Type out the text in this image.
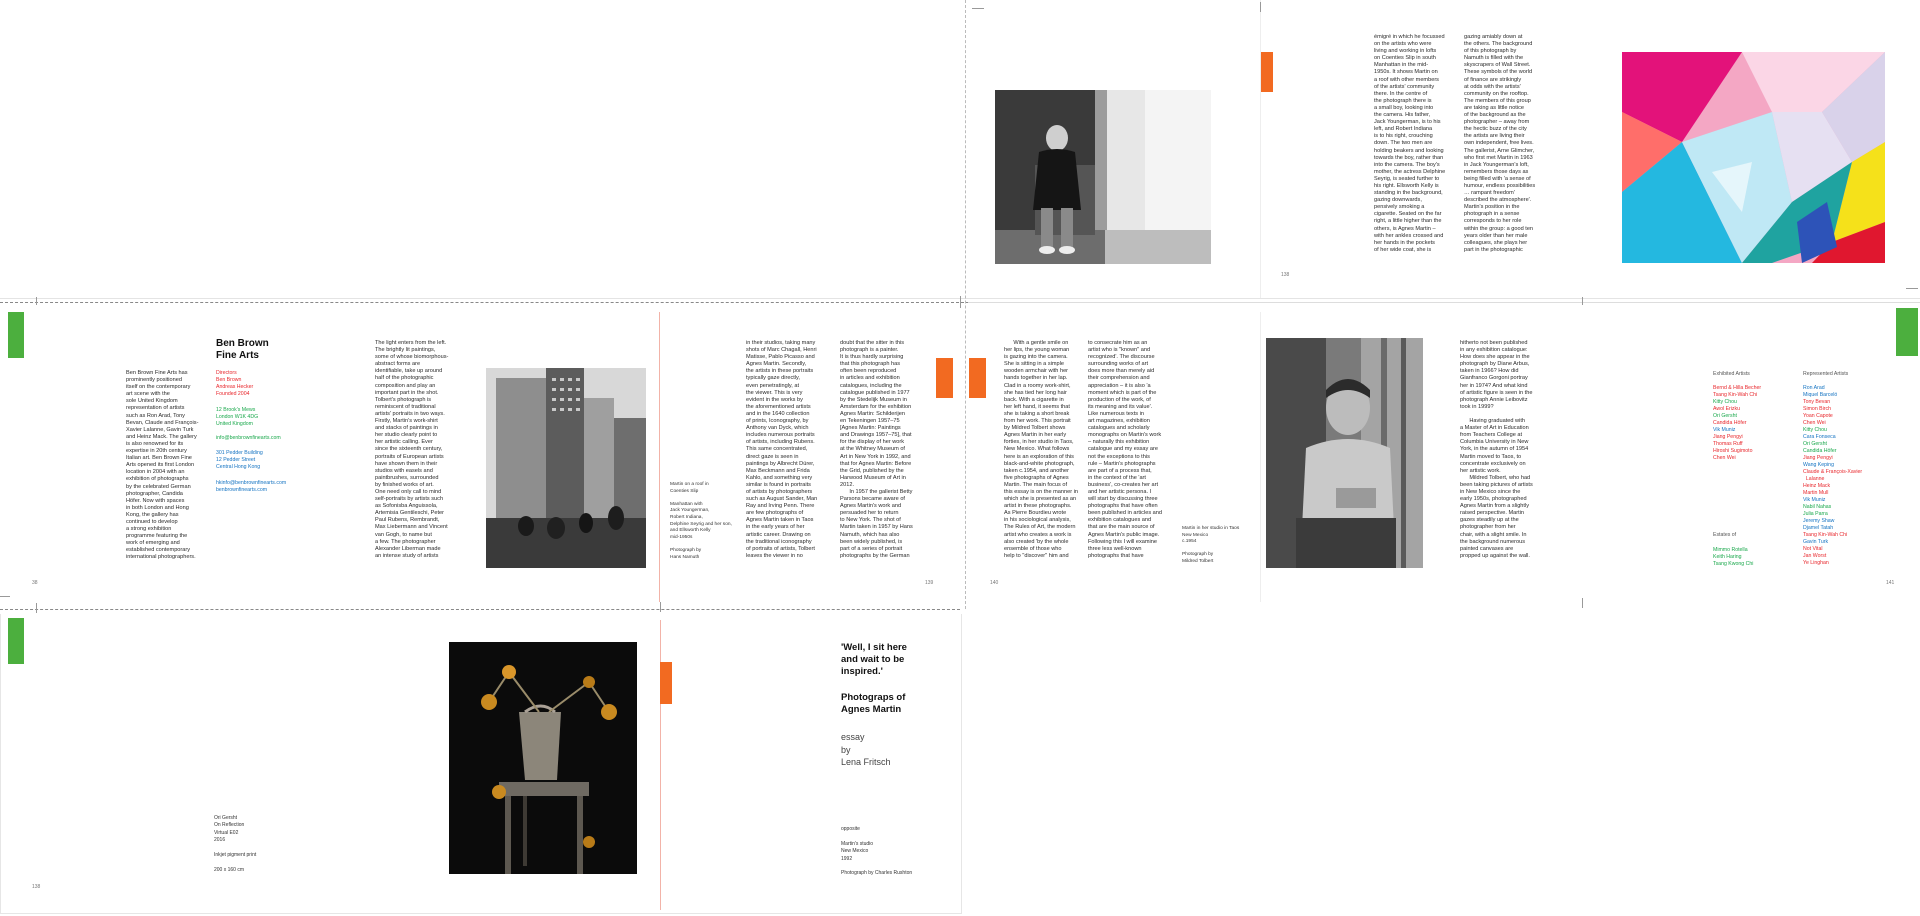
émigré in which he focussed
on the artists who were
living and working in lofts
on Coenties Slip in south
Manhattan in the mid-
1950s. It shows Martin on
a roof with other members
of the artists' community
there. In the centre of
the photograph there is
a small boy, looking into
the camera. His father,
Jack Youngerman, is to his
left, and Robert Indiana
is to his right, crouching
down. The two men are
holding beakers and looking
towards the boy, rather than
into the camera. The boy's
mother, the actress Delphine
Seyrig, is seated further to
his right. Ellsworth Kelly is
standing in the background,
gazing downwards,
pensively smoking a
cigarette. Seated on the far
right, a little higher than the
others, is Agnes Martin –
with her ankles crossed and
her hands in the pockets
of her wide coat, she is
gazing amiably down at
the others. The background
of this photograph by
Namuth is filled with the
skyscrapers of Wall Street.
These symbols of the world
of finance are strikingly
at odds with the artists'
community on the rooftop.
The members of this group
are taking as little notice
of the background as the
photographer – away from
the hectic buzz of the city
the artists are living their
own independent, free lives.
The gallerist, Arne Glimcher,
who first met Martin in 1963
in Jack Youngerman's loft,
remembers those days as
being filled with 'a sense of
humour, endless possibilities
… rampant freedom'
described the atmosphere'.
Martin's position in the
photograph in a sense
corresponds to her role
within the group: a good ten
years older than her male
colleagues, she plays her
part in the photographic
138
Ben Brown Fine Arts has
prominently positioned
itself on the contemporary
art scene with the
sole United Kingdom
representation of artists
such as Ron Arad, Tony
Bevan, Claude and François-
Xavier Lalanne, Gavin Turk
and Heinz Mack. The gallery
is also renowned for its
expertise in 20th century
Italian art. Ben Brown Fine
Arts opened its first London
location in 2004 with an
exhibition of photographs
by the celebrated German
photographer, Candida
Höfer. Now with spaces
in both London and Hong
Kong, the gallery has
continued to develop
a strong exhibition
programme featuring the
work of emerging and
established contemporary
international photographers.
Ben Brown
Fine Arts
Directors
Ben Brown
Andreas Hecker
Founded 2004
12 Brook's Mews
London W1K 4DG
United Kingdom
info@benbrownfinearts.com
301 Pedder Building
12 Pedder Street
Central Hong Kong
hkinfo@benbrownfinearts.com
benbrownfinearts.com
38
The light enters from the left.
The brightly lit paintings,
some of whose biomorphous-
abstract forms are
identifiable, take up around
half of the photographic
composition and play an
important part in the shot.
Tolbert's photograph is
reminiscent of traditional
artists' portraits in two ways.
Firstly, Martin's work-shirt
and stacks of paintings in
her studio clearly point to
her artistic calling. Ever
since the sixteenth century,
portraits of European artists
have shown them in their
studios with easels and
paintbrushes, surrounded
by finished works of art.
One need only call to mind
self-portraits by artists such
as Sofonisba Anguissola,
Artemisia Gentileschi, Peter
Paul Rubens, Rembrandt,
Max Liebermann and Vincent
van Gogh, to name but
a few. The photographer
Alexander Liberman made
an intense study of artists
Martin on a roof in
Coenties Slip

Manhattan with
Jack Youngerman,
Robert Indiana,
Delphine Seyrig and her son,
and Ellsworth Kelly
mid-1950s

Photograph by
Hans Namuth
in their studios, taking many
shots of Marc Chagall, Henri
Matisse, Pablo Picasso and
Agnes Martin. Secondly,
the artists in these portraits
typically gaze directly,
even penetratingly, at
the viewer. This is very
evident in the works by
the aforementioned artists
and in the 1640 collection
of prints, Iconography, by
Anthony van Dyck, which
includes numerous portraits
of artists, including Rubens.
This same concentrated,
direct gaze is seen in
paintings by Albrecht Dürer,
Max Beckmann and Frida
Kahlo, and something very
similar is found in portraits
of artists by photographers
such as August Sander, Man
Ray and Irving Penn. There
are few photographs of
Agnes Martin taken in Taos
in the early years of her
artistic career. Drawing on
the traditional iconography
of portraits of artists, Tolbert
leaves the viewer in no
doubt that the sitter in this
photograph is a painter.
It is thus hardly surprising
that this photograph has
often been reproduced
in articles and exhibition
catalogues, including the
catalogue published in 1977
by the Stedelijk Museum in
Amsterdam for the exhibition
Agnes Martin: Schilderijen
en Tekeningen 1957–75
[Agnes Martin: Paintings
and Drawings 1957–75], that
for the display of her work
at the Whitney Museum of
Art in New York in 1992, and
that for Agnes Martin: Before
the Grid, published by the
Harwood Museum of Art in
2012.
In 1957 the gallerist Betty
Parsons became aware of
Agnes Martin's work and
persuaded her to return
to New York. The shot of
Martin taken in 1957 by Hans
Namuth, which has also
been widely published, is
part of a series of portrait
photographs by the German
139
With a gentle smile on
her lips, the young woman
is gazing into the camera.
She is sitting in a simple
wooden armchair with her
hands together in her lap.
Clad in a roomy work-shirt,
she has tied her long hair
back. With a cigarette in
her left hand, it seems that
she is taking a short break
from her work. This portrait
by Mildred Tolbert shows
Agnes Martin in her early
forties, in her studio in Taos,
New Mexico. What follows
here is an exploration of this
black-and-white photograph,
taken c.1954, and another
five photographs of Agnes
Martin. The main focus of
this essay is on the manner in
which she is presented as an
artist in these photographs.
As Pierre Bourdieu wrote
in his sociological analysis,
The Rules of Art, the modern
artist who creates a work is
also created 'by the whole
ensemble of those who
help to "discover" him and
to consecrate him as an
artist who is "known" and
recognized'. The discourse
surrounding works of art
does more than merely aid
their comprehension and
appreciation – it is also 'a
moment which is part of the
production of the work, of
its meaning and its value'.
Like numerous texts in
art magazines, exhibition
catalogues and scholarly
monographs on Martin's work
– naturally this exhibition
catalogue and my essay are
not the exceptions to this
rule – Martin's photographs
are part of a process that,
in the context of the 'art
business', co-creates her art
and her artistic persona. I
will start by discussing three
photographs that have often
been published in articles and
exhibition catalogues and
that are the main source of
Agnes Martin's public image.
Following this I will examine
three less well-known
photographs that have
Martin in her studio in Taos
New Mexico
c.1954

Photograph by
Mildred Tolbert
hitherto not been published
in any exhibition catalogue:
How does she appear in the
photograph by Diane Arbus,
taken in 1966? How did
Gianfranco Gorgoni portray
her in 1974? And what kind
of artistic figure is seen in the
photograph Annie Leibovitz
took in 1999?

Having graduated with
a Master of Art in Education
from Teachers College at
Columbia University in New
York, in the autumn of 1954
Martin moved to Taos, to
concentrate exclusively on
her artistic work.
Mildred Tolbert, who had
been taking pictures of artists
in New Mexico since the
early 1950s, photographed
Agnes Martin from a slightly
raised perspective. Martin
gazes steadily up at the
photographer from her
chair, with a slight smile. In
the background numerous
painted canvases are
propped up against the wall.
140
Exhibited Artists
Bernd & Hilla Becher
Tsang Kin-Wah Chi
Kitty Chou
Awol Erizku
Ori Gersht
Candida Höfer
Vik Muniz
Jiang Pengyi
Thomas Ruff
Hiroshi Sugimoto
Chen Wei
Represented Artists
Ron Arad
Miquel Barceló
Tony Bevan
Simon Birch
Yoan Capote
Chen Wei
Kitty Chou
Cara Fonseca
Ori Gersht
Candida Höfer
Jiang Pengyi
Wang Keping
Claude & François-Xavier
Lalanne
Heinz Mack
Martin Mull
Vik Muniz
Nabil Nahas
Julia Parra
Jeremy Shaw
Djamel Tatah
Tsang Kin-Wah Chi
Gavin Turk
Not Vital
Jan Worst
Ye Linghan
Estates of
Mimmo Rotella
Keith Haring
Tsang Kwong Chi
141
Ori Gersht
On Reflection
Virtual E02
2016

Inkjet pigment print

200 x 160 cm
'Well, I sit here
and wait to be
inspired.'
Photograps of
Agnes Martin
essay
by
Lena Fritsch
opposite

Martin's studio
New Mexico
1992

Photograph by Charles Rushton
138
